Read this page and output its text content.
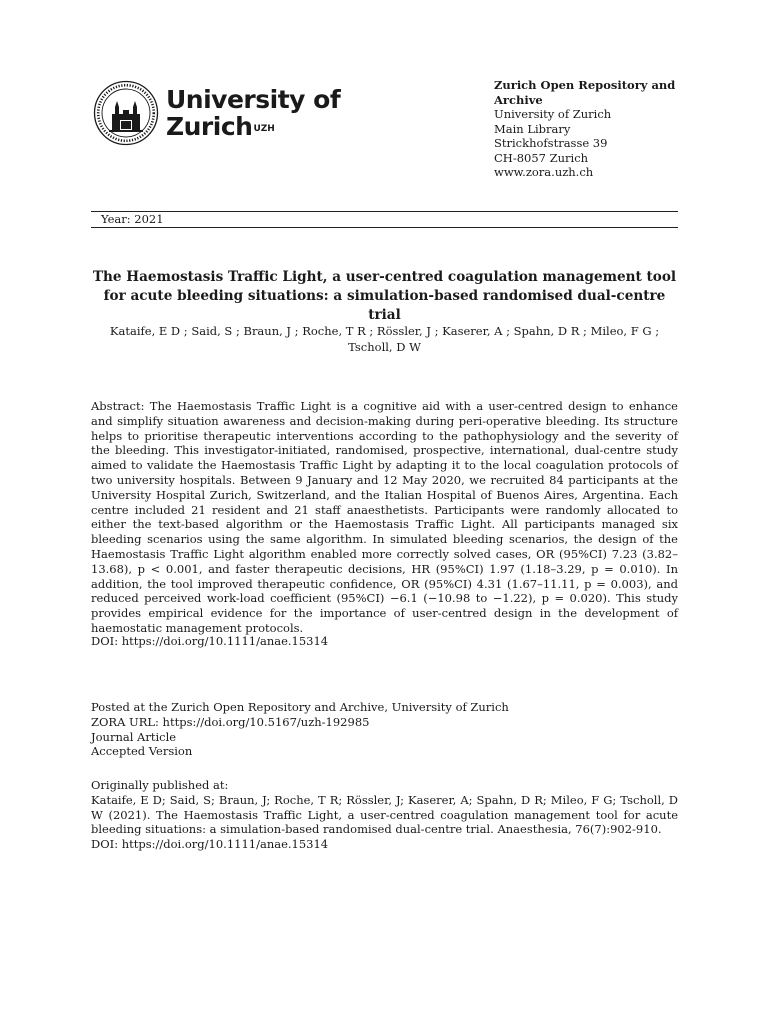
University of
Zurich$^{UZH}$
Zurich Open Repository and
Archive
University of Zurich
Main Library
Strickhofstrasse 39
CH-8057 Zurich
www.zora.uzh.ch
Year: 2021
The Haemostasis Traffic Light, a user-centred coagulation management tool for acute bleeding situations: a simulation-based randomised dual-centre trial
Kataife, E D ; Said, S ; Braun, J ; Roche, T R ; Rössler, J ; Kaserer, A ; Spahn, D R ; Mileo, F G ; Tscholl, D W
Abstract: The Haemostasis Traffic Light is a cognitive aid with a user-centred design to enhance and simplify situation awareness and decision-making during peri-operative bleeding. Its structure helps to prioritise therapeutic interventions according to the pathophysiology and the severity of the bleeding. This investigator-initiated, randomised, prospective, international, dual-centre study aimed to validate the Haemostasis Traffic Light by adapting it to the local coagulation protocols of two university hospitals. Between 9 January and 12 May 2020, we recruited 84 participants at the University Hospital Zurich, Switzerland, and the Italian Hospital of Buenos Aires, Argentina. Each centre included 21 resident and 21 staff anaesthetists. Participants were randomly allocated to either the text-based algorithm or the Haemostasis Traffic Light. All participants managed six bleeding scenarios using the same algorithm. In simulated bleeding scenarios, the design of the Haemostasis Traffic Light algorithm enabled more correctly solved cases, OR (95%CI) 7.23 (3.82–13.68), p < 0.001, and faster therapeutic decisions, HR (95%CI) 1.97 (1.18–3.29, p = 0.010). In addition, the tool improved therapeutic confidence, OR (95%CI) 4.31 (1.67–11.11, p = 0.003), and reduced perceived work-load coefficient (95%CI) −6.1 (−10.98 to −1.22), p = 0.020). This study provides empirical evidence for the importance of user-centred design in the development of haemostatic management protocols.
DOI: https://doi.org/10.1111/anae.15314
Posted at the Zurich Open Repository and Archive, University of Zurich
ZORA URL: https://doi.org/10.5167/uzh-192985
Journal Article
Accepted Version
Originally published at:
Kataife, E D; Said, S; Braun, J; Roche, T R; Rössler, J; Kaserer, A; Spahn, D R; Mileo, F G; Tscholl, D W (2021). The Haemostasis Traffic Light, a user-centred coagulation management tool for acute bleeding situations: a simulation-based randomised dual-centre trial. Anaesthesia, 76(7):902-910.
DOI: https://doi.org/10.1111/anae.15314
